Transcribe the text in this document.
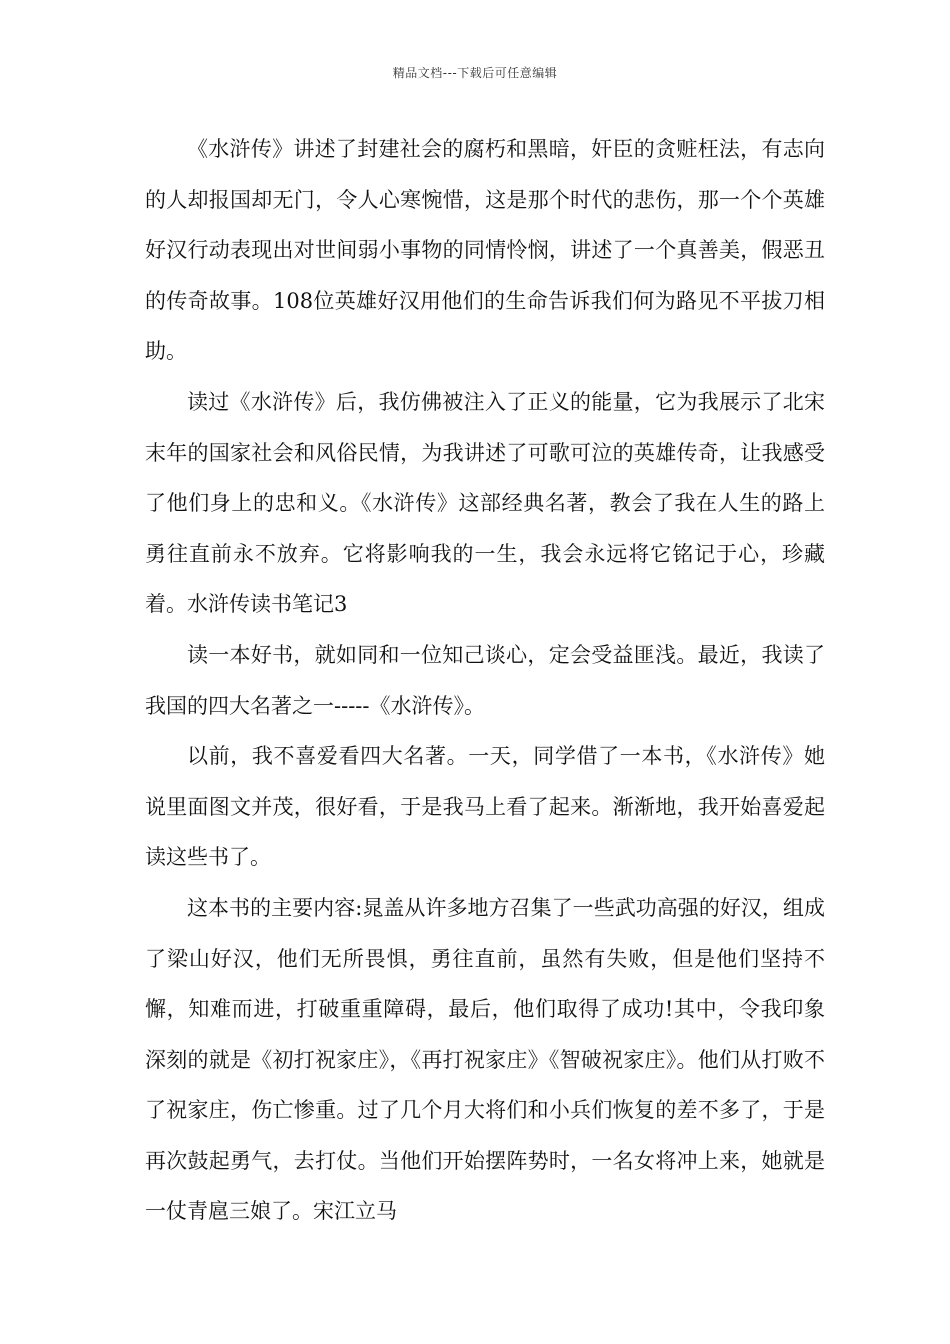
精品文档---下载后可任意编辑

《水浒传》讲述了封建社会的腐朽和黑暗，奸臣的贪赃枉法，有志向的人却报国却无门，令人心寒惋惜，这是那个时代的悲伤，那一个个英雄好汉行动表现出对世间弱小事物的同情怜悯，讲述了一个真善美，假恶丑的传奇故事。108位英雄好汉用他们的生命告诉我们何为路见不平拔刀相助。

读过《水浒传》后，我仿佛被注入了正义的能量，它为我展示了北宋末年的国家社会和风俗民情，为我讲述了可歌可泣的英雄传奇，让我感受了他们身上的忠和义。《水浒传》这部经典名著，教会了我在人生的路上勇往直前永不放弃。它将影响我的一生，我会永远将它铭记于心，珍藏着。水浒传读书笔记3

读一本好书，就如同和一位知己谈心，定会受益匪浅。最近，我读了我国的四大名著之一-----《水浒传》。

以前，我不喜爱看四大名著。一天，同学借了一本书，《水浒传》她说里面图文并茂，很好看，于是我马上看了起来。渐渐地，我开始喜爱起读这些书了。

这本书的主要内容:晁盖从许多地方召集了一些武功高强的好汉，组成了梁山好汉，他们无所畏惧，勇往直前，虽然有失败，但是他们坚持不懈，知难而进，打破重重障碍，最后，他们取得了成功!其中，令我印象深刻的就是《初打祝家庄》，《再打祝家庄》《智破祝家庄》。他们从打败不了祝家庄，伤亡惨重。过了几个月大将们和小兵们恢复的差不多了，于是再次鼓起勇气，去打仗。当他们开始摆阵势时，一名女将冲上来，她就是一仗青扈三娘了。宋江立马
